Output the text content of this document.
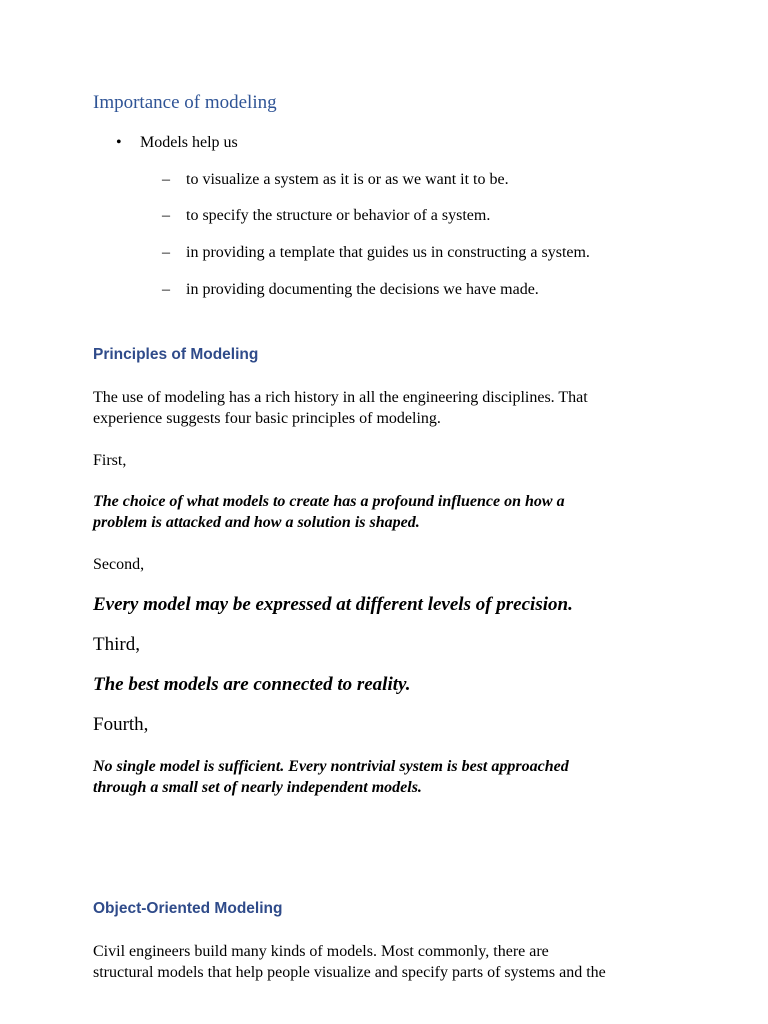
Importance of modeling
• Models help us
– to visualize a system as it is or as we want it to be.
– to specify the structure or behavior of a system.
– in providing a template that guides us in constructing a system.
– in providing documenting the decisions we have made.
Principles of Modeling
The use of modeling has a rich history in all the engineering disciplines. That
experience suggests four basic principles of modeling.

First,

The choice of what models to create has a profound influence on how a
problem is attacked and how a solution is shaped.

Second,

Every model may be expressed at different levels of precision.

Third,

The best models are connected to reality.

Fourth,

No single model is sufficient. Every nontrivial system is best approached
through a small set of nearly independent models.
Object-Oriented Modeling
Civil engineers build many kinds of models. Most commonly, there are
structural models that help people visualize and specify parts of systems and the
